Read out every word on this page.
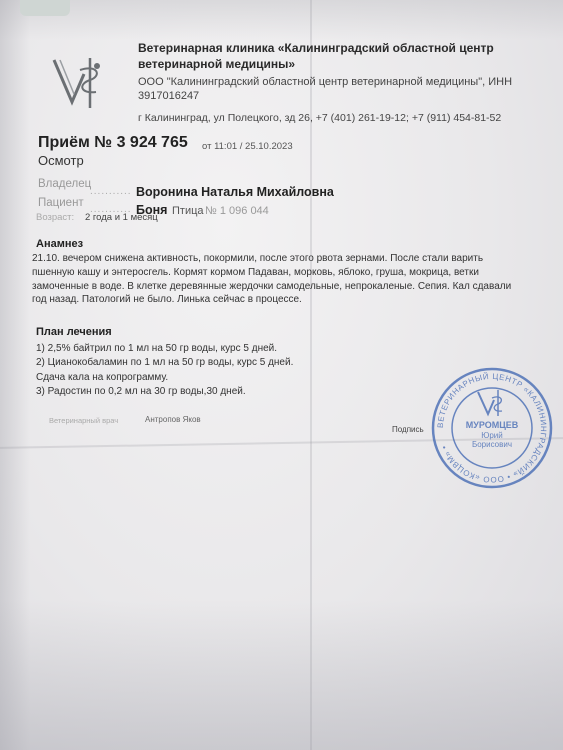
Ветеринарная клиника «Калининградский областной центр
ветеринарной медицины»
ООО "Калининградский областной центр ветеринарной медицины", ИНН
3917016247
г Калининград, ул Полецкого, зд 26, +7 (401) 261-19-12; +7 (911) 454-81-52
Приём № 3 924 765 от 11:01 / 25.10.2023
Осмотр
Владелец
........... Воронина Наталья Михайловна
Пациент
........... Боня Птица № 1 096 044
Возраст: 2 года и 1 месяц
Анамнез
21.10. вечером снижена активность, покормили, после этого рвота зернами. После стали варить
пшенную кашу и энтеросгель. Кормят кормом Падаван, морковь, яблоко, груша, мокрица, ветки
замоченные в воде. В клетке деревянные жердочки самодельные, непрокаленые. Сепия. Кал сдавали
год назад. Патологий не было. Линька сейчас в процессе.
План лечения
1) 2,5% байтрил по 1 мл на 50 гр воды, курс 5 дней.
2) Цианокобаламин по 1 мл на 50 гр воды, курс 5 дней.
Сдача кала на копрограмму.
3) Радостин по 0,2 мл на 30 гр воды,30 дней.
Ветеринарный врач	Антропов Яков
Подпись
ВЕТЕРИНАРНЫЙ ЦЕНТР «КАЛИНИНГРАДСКИЙ» • ООО «КОЦВМ» •
МУРОМЦЕВ
Юрий
Борисович
